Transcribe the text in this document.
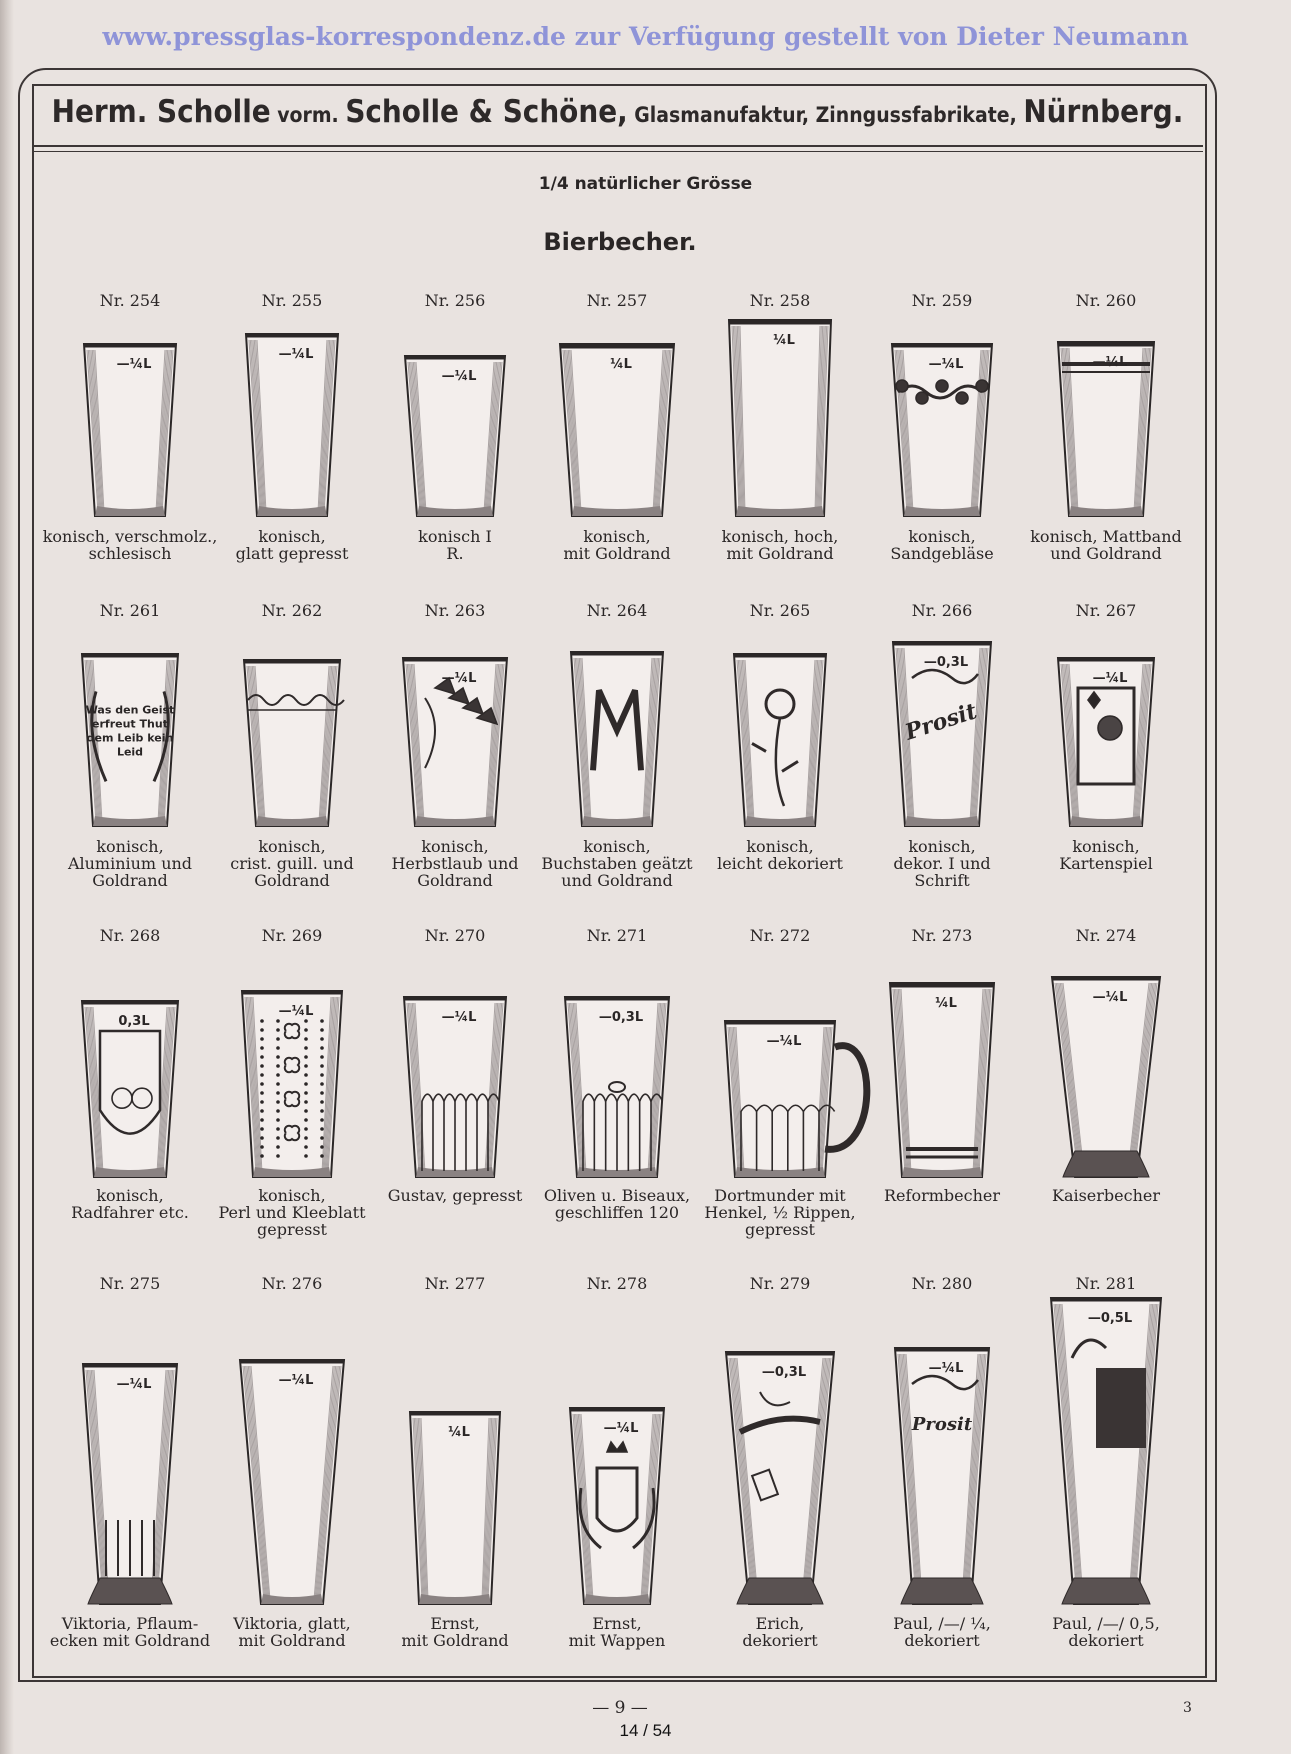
www.pressglas-korrespondenz.de zur Verfügung gestellt von Dieter Neumann
Herm. Scholle vorm. Scholle & Schöne, Glasmanufaktur, Zinngussfabrikate, Nürnberg.
1/4 natürlicher Grösse
Bierbecher.
Nr. 254
—¼L
konisch, verschmolz.,
schlesisch
Nr. 255
—¼L
konisch,
glatt gepresst
Nr. 256
—¼L
konisch I
R.
Nr. 257
¼L
konisch,
mit Goldrand
Nr. 258
¼L
konisch, hoch,
mit Goldrand
Nr. 259
—¼L
konisch,
Sandgebläse
Nr. 260
—¼L
konisch, Mattband
und Goldrand
Nr. 261
Was den Geist erfreut Thut dem Leib kein Leid
konisch,
Aluminium und
Goldrand
Nr. 262
konisch,
crist. guill. und
Goldrand
Nr. 263
—¼L
konisch,
Herbstlaub und
Goldrand
Nr. 264
konisch,
Buchstaben geätzt
und Goldrand
Nr. 265
konisch,
leicht dekoriert
Nr. 266
Prosit
—0,3L
konisch,
dekor. I und
Schrift
Nr. 267
—¼L
konisch,
Kartenspiel
Nr. 268
0,3L
konisch,
Radfahrer etc.
Nr. 269
—¼L
konisch,
Perl und Kleeblatt
gepresst
Nr. 270
—¼L
Gustav, gepresst
Nr. 271
—0,3L
Oliven u. Biseaux,
geschliffen 120
Nr. 272
—¼L
Dortmunder mit
Henkel, ½ Rippen,
gepresst
Nr. 273
¼L
Reformbecher
Nr. 274
—¼L
Kaiserbecher
Nr. 275
—¼L
Viktoria, Pflaum-
ecken mit Goldrand
Nr. 276
—¼L
Viktoria, glatt,
mit Goldrand
Nr. 277
¼L
Ernst,
mit Goldrand
Nr. 278
—¼L
Ernst,
mit Wappen
Nr. 279
—0,3L
Erich,
dekoriert
Nr. 280
Prosit
—¼L
Paul, /—/ ¼,
dekoriert
Nr. 281
—0,5L
Paul, /—/ 0,5,
dekoriert
— 9 —	3
14 / 54
